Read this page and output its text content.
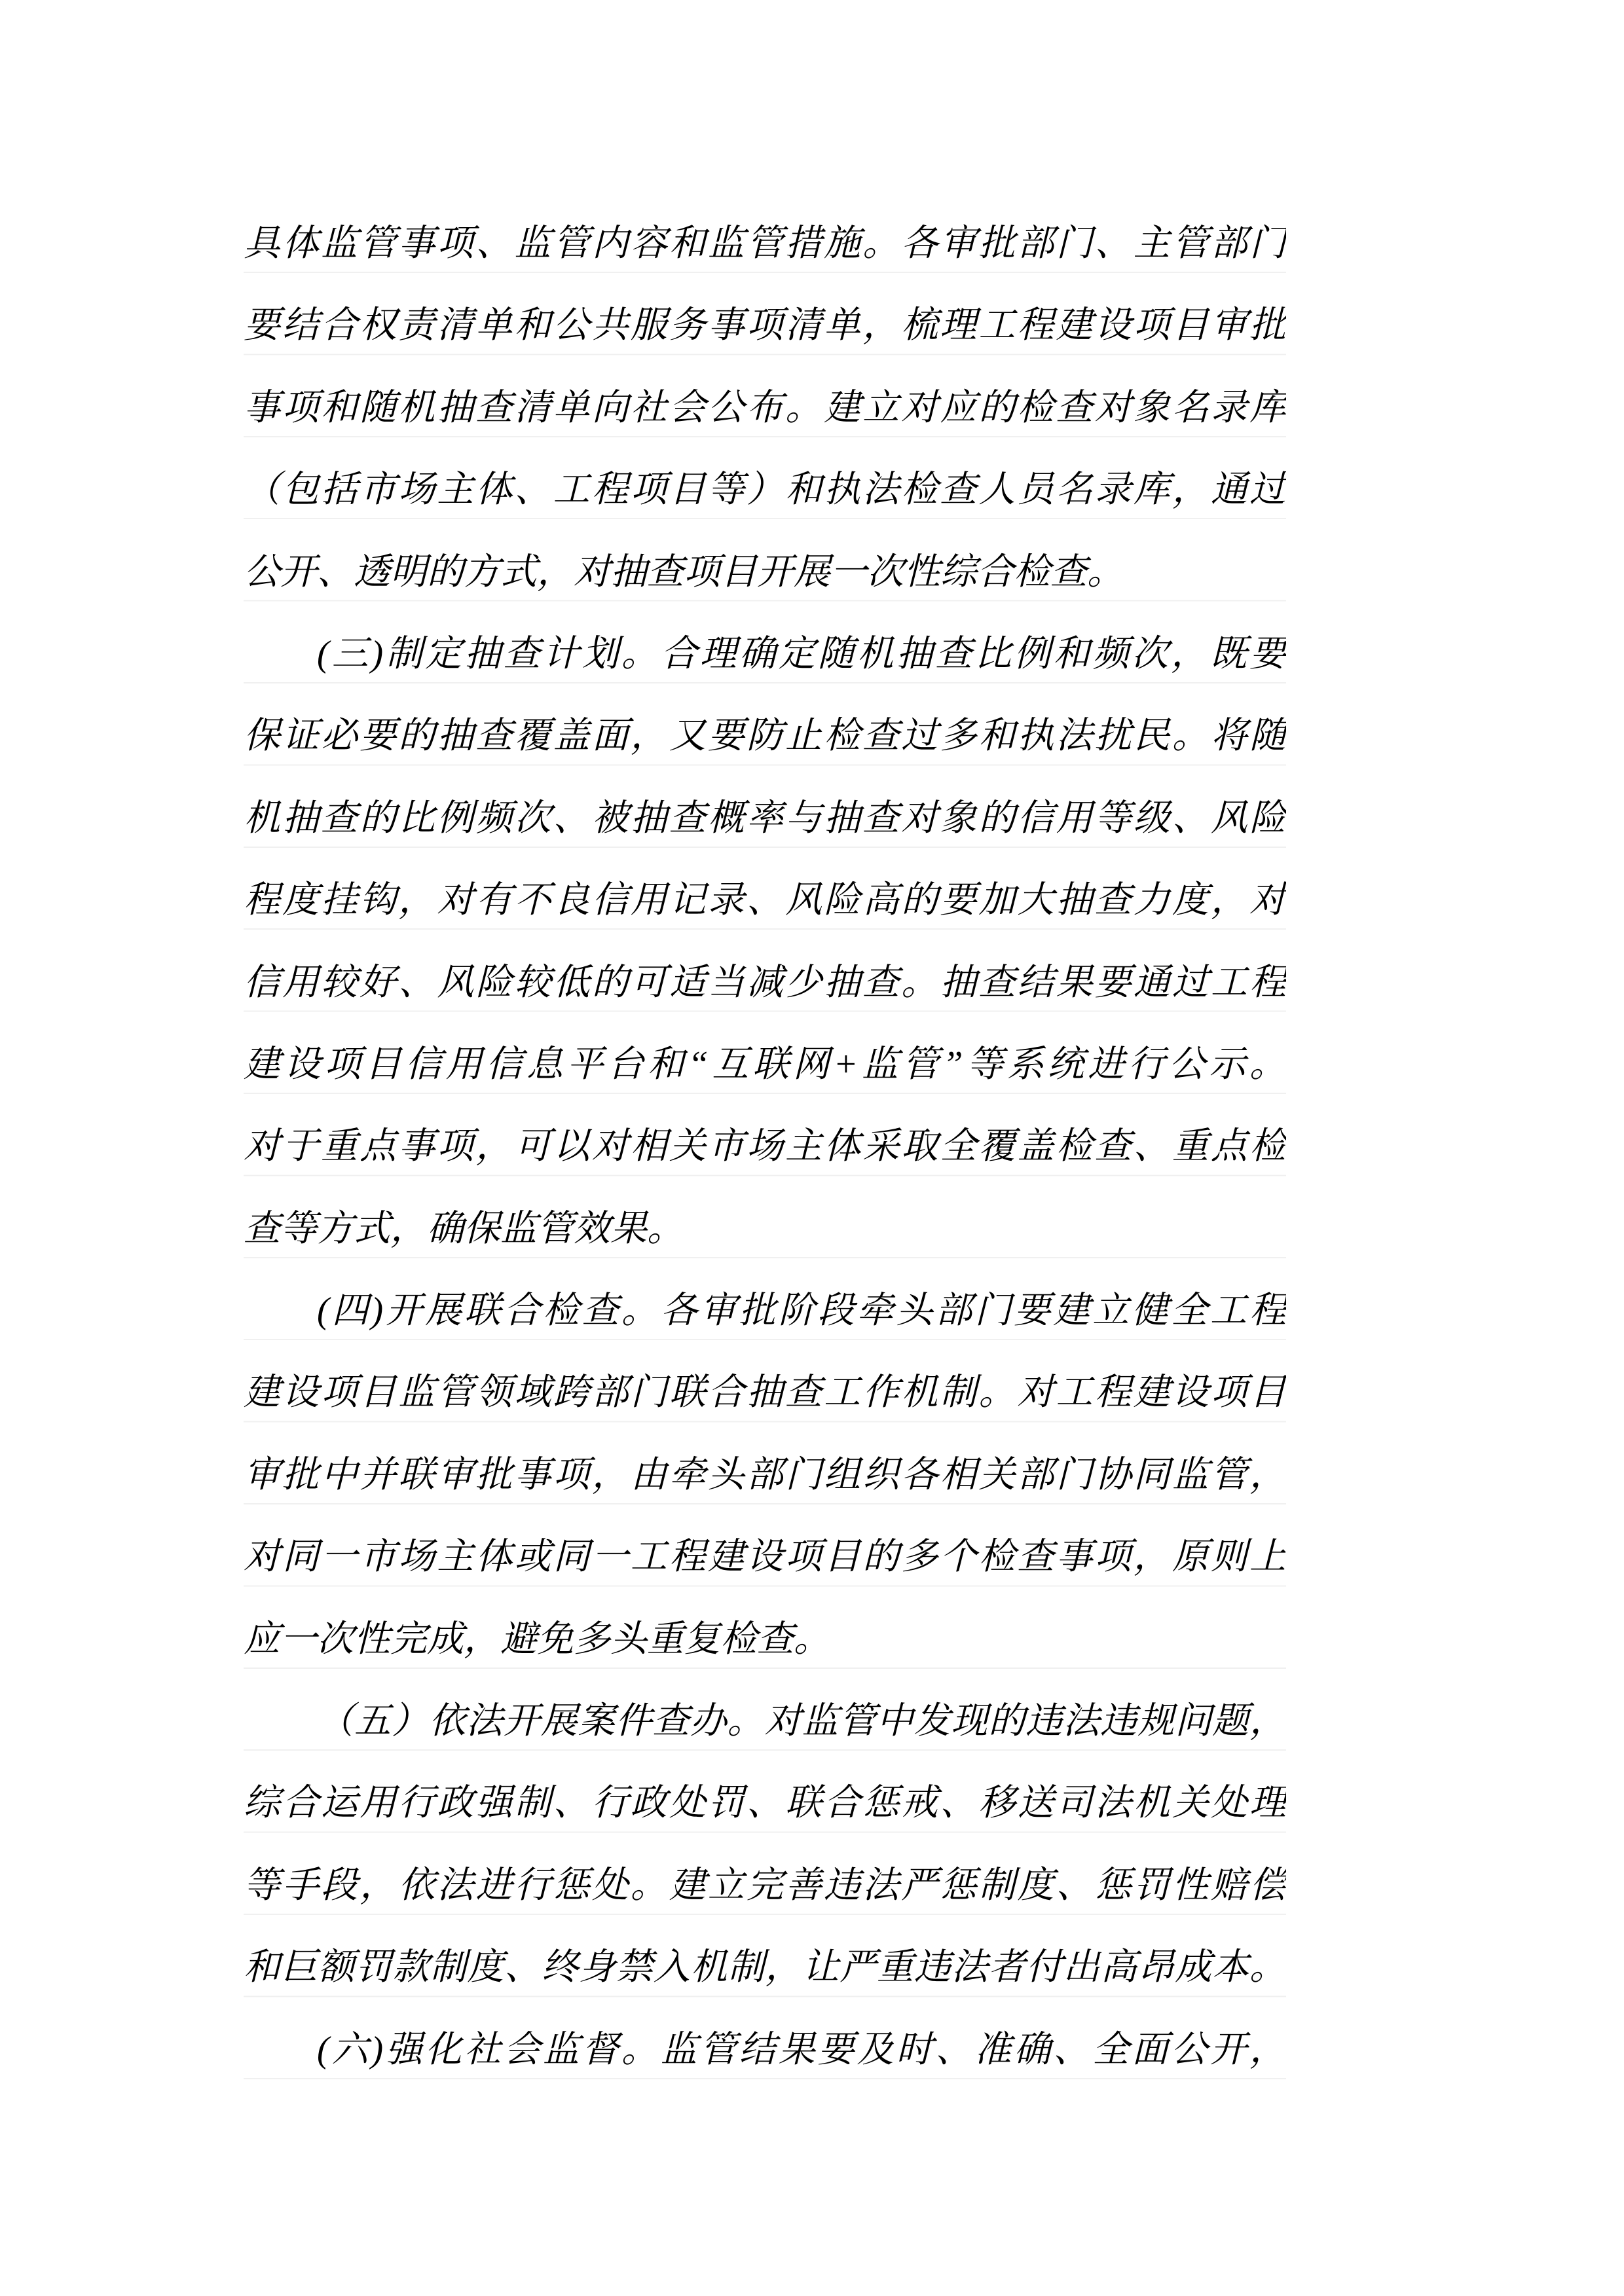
具体监管事项、监管内容和监管措施。各审批部门、主管部门
要结合权责清单和公共服务事项清单，梳理工程建设项目审批
事项和随机抽查清单向社会公布。建立对应的检查对象名录库
（包括市场主体、工程项目等）和执法检查人员名录库，通过
公开、透明的方式，对抽查项目开展一次性综合检查。
(三)制定抽查计划。合理确定随机抽查比例和频次，既要
保证必要的抽查覆盖面，又要防止检查过多和执法扰民。将随
机抽查的比例频次、被抽查概率与抽查对象的信用等级、风险
程度挂钩，对有不良信用记录、风险高的要加大抽查力度，对
信用较好、风险较低的可适当减少抽查。抽查结果要通过工程
建设项目信用信息平台和“互联网+监管”等系统进行公示。
对于重点事项，可以对相关市场主体采取全覆盖检查、重点检
查等方式，确保监管效果。
(四)开展联合检查。各审批阶段牵头部门要建立健全工程
建设项目监管领域跨部门联合抽查工作机制。对工程建设项目
审批中并联审批事项，由牵头部门组织各相关部门协同监管，
对同一市场主体或同一工程建设项目的多个检查事项，原则上
应一次性完成，避免多头重复检查。
（五）依法开展案件查办。对监管中发现的违法违规问题，
综合运用行政强制、行政处罚、联合惩戒、移送司法机关处理
等手段，依法进行惩处。建立完善违法严惩制度、惩罚性赔偿
和巨额罚款制度、终身禁入机制，让严重违法者付出高昂成本。
(六)强化社会监督。监管结果要及时、准确、全面公开，
